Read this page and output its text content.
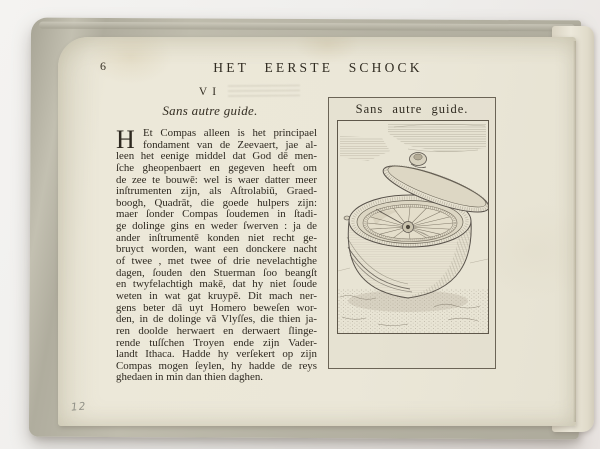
6	HET EERSTE SCHOCK
VI
Sans autre guide.
H Et Compas alleen is het principael
fondament van de Zeevaert, jae al-
leen het eenige middel dat God dē men-
ſche gheopenbaert en gegeven heeft om
de zee te bouwē: wel is waer datter meer
inſtrumenten zijn, als Aſtrolabiū, Graed-
boogh, Quadrāt, die goede hulpers zijn:
maer ſonder Compas ſoudemen in ſtadi-
ge dolinge gins en weder ſwerven : ja de
ander inſtrumentē konden niet recht ge-
bruyct worden, want een donckere nacht
of twee , met twee of drie nevelachtighe
dagen, ſouden den Stuerman ſoo beangſt
en twyfelachtigh makē, dat hy niet ſoude
weten in wat gat kruypē. Dit mach ner-
gens beter dā uyt Homero beweſen wor-
den, in de dolinge vā Vlyſſes, die thien ja-
ren doolde herwaert en derwaert ſlinge-
rende tuſſchen Troyen ende zijn Vader-
landt Ithaca. Hadde hy verſekert op zijn
Compas mogen ſeylen, hy hadde de reys
ghedaen in min dan thien daghen.
12
Sans autre guide.
